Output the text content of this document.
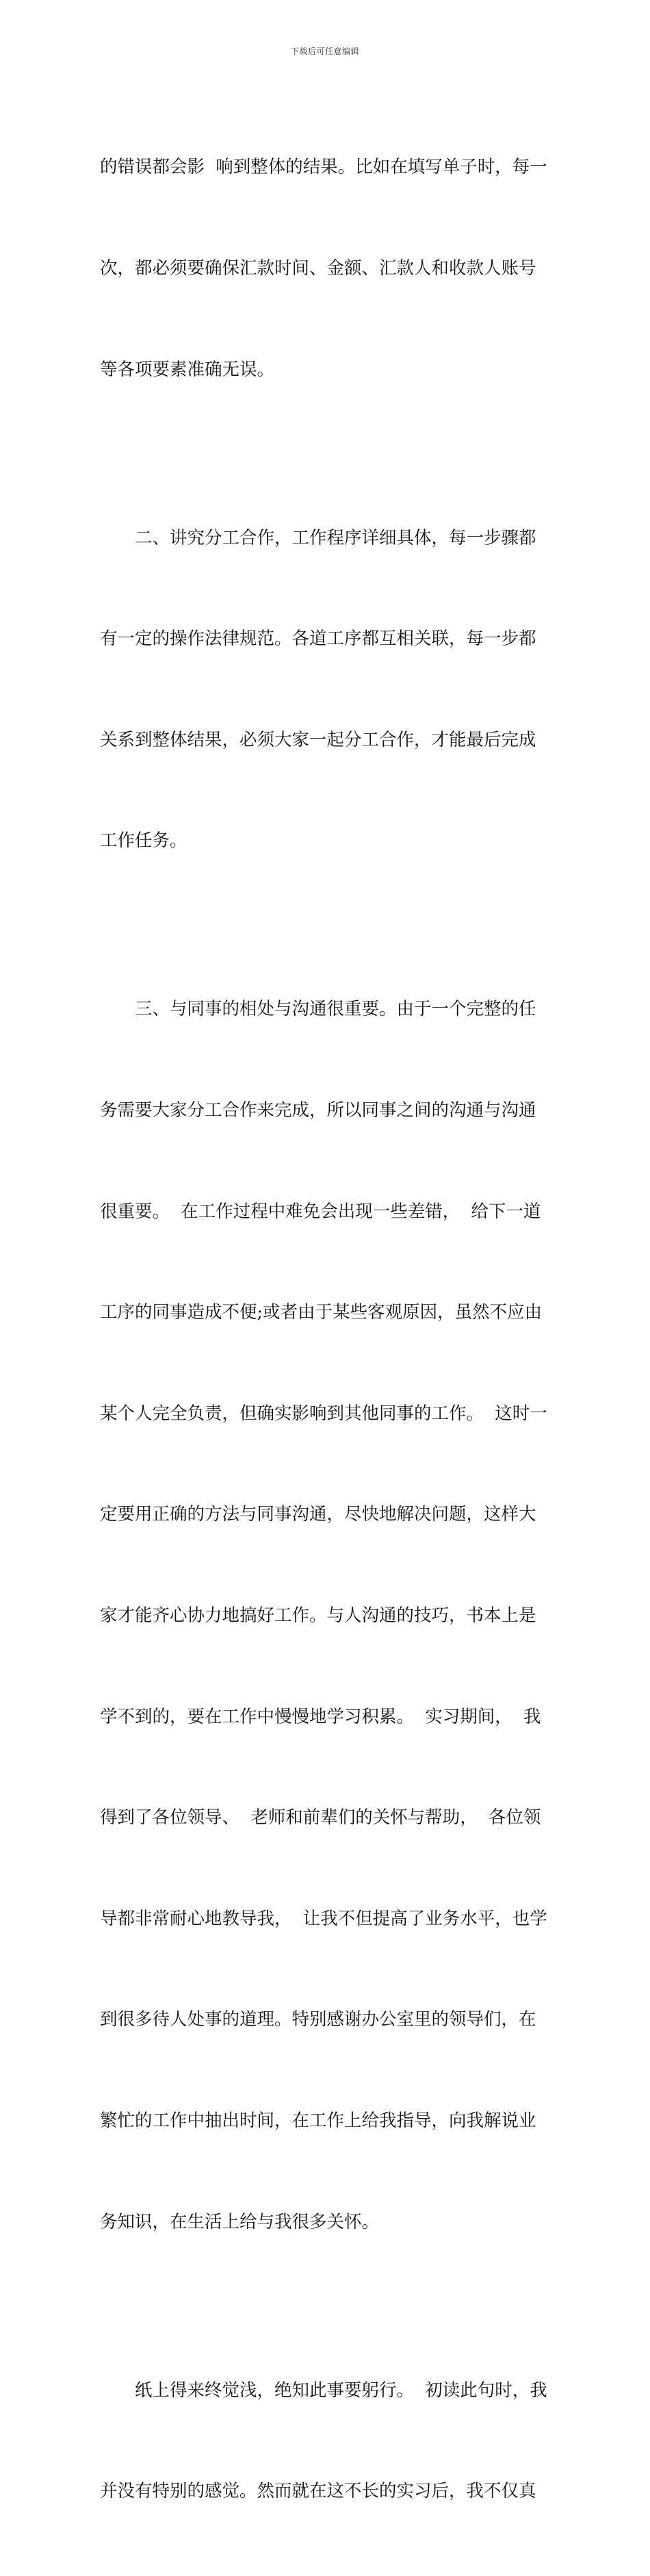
下载后可任意编辑

的错误都会影  响到整体的结果。比如在填写单子时，每一

次，都必须要确保汇款时间、金额、汇款人和收款人账号

等各项要素准确无误。

二、讲究分工合作，工作程序详细具体，每一步骤都

有一定的操作法律规范。各道工序都互相关联，每一步都

关系到整体结果，必须大家一起分工合作，才能最后完成

工作任务。

三、与同事的相处与沟通很重要。由于一个完整的任

务需要大家分工合作来完成，所以同事之间的沟通与沟通

很重要。  在工作过程中难免会出现一些差错，  给下一道

工序的同事造成不便;或者由于某些客观原因，虽然不应由

某个人完全负责，但确实影响到其他同事的工作。  这时一

定要用正确的方法与同事沟通，尽快地解决问题，这样大

家才能齐心协力地搞好工作。与人沟通的技巧，书本上是

学不到的，要在工作中慢慢地学习积累。  实习期间，  我

得到了各位领导、  老师和前辈们的关怀与帮助，  各位领

导都非常耐心地教导我，  让我不但提高了业务水平，也学

到很多待人处事的道理。特别感谢办公室里的领导们，在

繁忙的工作中抽出时间，在工作上给我指导，向我解说业

务知识，在生活上给与我很多关怀。

纸上得来终觉浅，绝知此事要躬行。  初读此句时，我

并没有特别的感觉。然而就在这不长的实习后，我不仅真
